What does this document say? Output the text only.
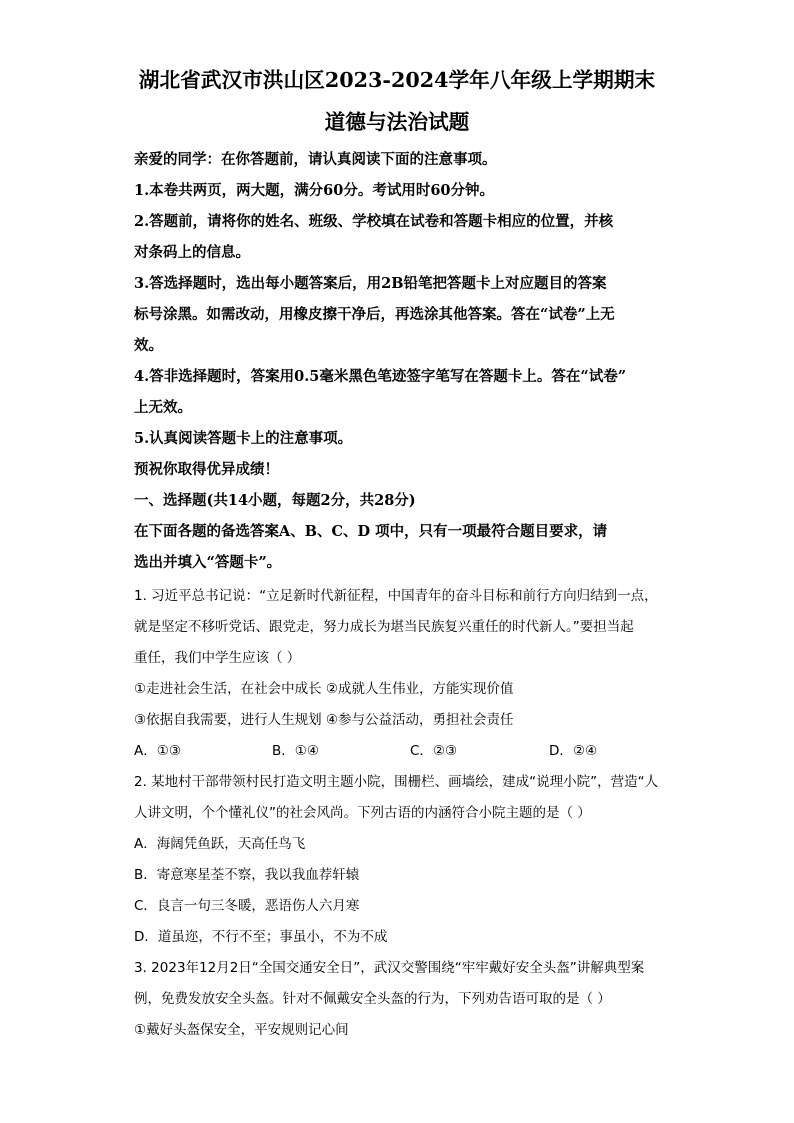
湖北省武汉市洪山区2023-2024学年八年级上学期期末
道德与法治试题
亲爱的同学：在你答题前，请认真阅读下面的注意事项。
1.本卷共两页，两大题，满分60分。考试用时60分钟。
2.答题前，请将你的姓名、班级、学校填在试卷和答题卡相应的位置，并核
对条码上的信息。
3.答选择题时，选出每小题答案后，用2B铅笔把答题卡上对应题目的答案
标号涂黑。如需改动，用橡皮擦干净后，再选涂其他答案。答在“试卷”上无
效。
4.答非选择题时，答案用0.5毫米黑色笔迹签字笔写在答题卡上。答在“试卷”
上无效。
5.认真阅读答题卡上的注意事项。
预祝你取得优异成绩！
一、选择题(共14小题，每题2分，共28分)
在下面各题的备选答案A、B、C、D 项中，只有一项最符合题目要求，请
选出并填入“答题卡”。
1. 习近平总书记说：“立足新时代新征程，中国青年的奋斗目标和前行方向归结到一点，
就是坚定不移听党话、跟党走，努力成长为堪当民族复兴重任的时代新人。”要担当起
重任，我们中学生应该（ ）
①走进社会生活，在社会中成长 ②成就人生伟业，方能实现价值
③依据自我需要，进行人生规划 ④参与公益活动，勇担社会责任
A．①③	B．①④	C．②③	D．②④
2. 某地村干部带领村民打造文明主题小院，围栅栏、画墙绘，建成“说理小院”，营造“人
人讲文明，个个懂礼仪”的社会风尚。下列古语的内涵符合小院主题的是（ ）
A．海阔凭鱼跃，天高任鸟飞
B．寄意寒星荃不察，我以我血荐轩辕
C．良言一句三冬暖，恶语伤人六月寒
D．道虽迩，不行不至；事虽小，不为不成
3. 2023年12月2日“全国交通安全日”，武汉交警围绕“牢牢戴好安全头盔”讲解典型案
例，免费发放安全头盔。针对不佩戴安全头盔的行为，下列劝告语可取的是（ ）
①戴好头盔保安全，平安规则记心间
